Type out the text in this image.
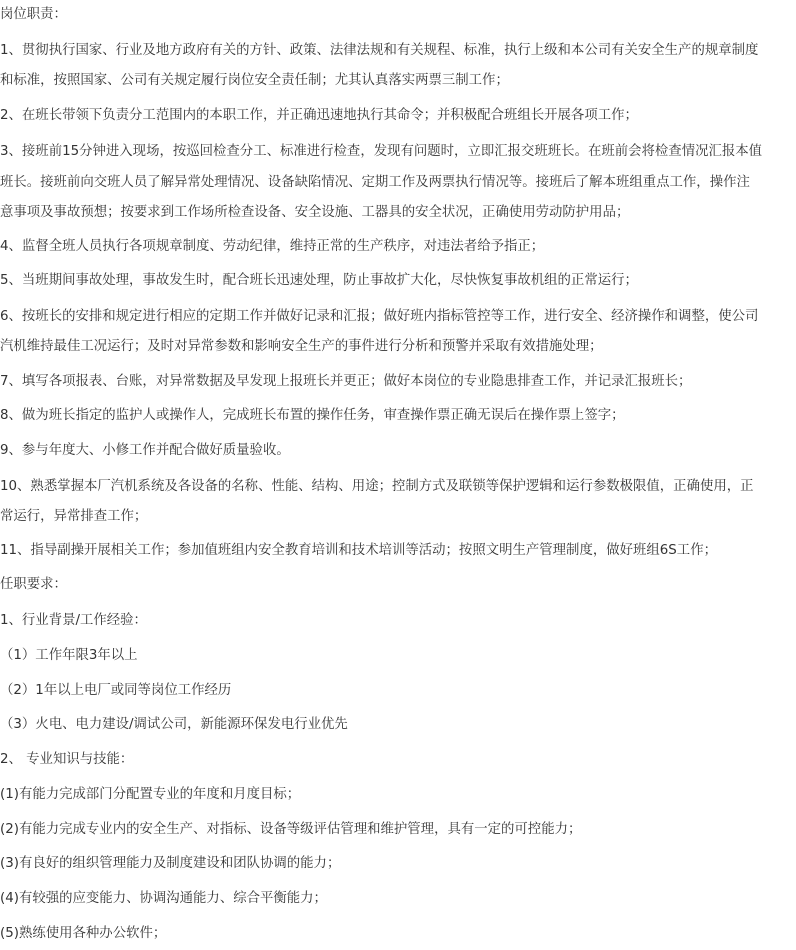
岗位职责：
1、贯彻执行国家、行业及地方政府有关的方针、政策、法律法规和有关规程、标准，执行上级和本公司有关安全生产的规章制度
和标准，按照国家、公司有关规定履行岗位安全责任制；尤其认真落实两票三制工作；
2、在班长带领下负责分工范围内的本职工作，并正确迅速地执行其命令；并积极配合班组长开展各项工作；
3、接班前15分钟进入现场，按巡回检查分工、标准进行检查，发现有问题时，立即汇报交班班长。在班前会将检查情况汇报本值
班长。接班前向交班人员了解异常处理情况、设备缺陷情况、定期工作及两票执行情况等。接班后了解本班组重点工作，操作注
意事项及事故预想；按要求到工作场所检查设备、安全设施、工器具的安全状况，正确使用劳动防护用品；
4、监督全班人员执行各项规章制度、劳动纪律，维持正常的生产秩序，对违法者给予指正；
5、当班期间事故处理，事故发生时，配合班长迅速处理，防止事故扩大化，尽快恢复事故机组的正常运行；
6、按班长的安排和规定进行相应的定期工作并做好记录和汇报；做好班内指标管控等工作，进行安全、经济操作和调整，使公司
汽机维持最佳工况运行；及时对异常参数和影响安全生产的事件进行分析和预警并采取有效措施处理；
7、填写各项报表、台账，对异常数据及早发现上报班长并更正；做好本岗位的专业隐患排查工作，并记录汇报班长；
8、做为班长指定的监护人或操作人，完成班长布置的操作任务，审查操作票正确无误后在操作票上签字；
9、参与年度大、小修工作并配合做好质量验收。
10、熟悉掌握本厂汽机系统及各设备的名称、性能、结构、用途；控制方式及联锁等保护逻辑和运行参数极限值，正确使用，正
常运行，异常排查工作；
11、指导副操开展相关工作；参加值班组内安全教育培训和技术培训等活动；按照文明生产管理制度，做好班组6S工作；
任职要求：
1、行业背景/工作经验：
（1）工作年限3年以上
（2）1年以上电厂或同等岗位工作经历
（3）火电、电力建设/调试公司，新能源环保发电行业优先
2、 专业知识与技能：
(1)有能力完成部门分配置专业的年度和月度目标；
(2)有能力完成专业内的安全生产、对指标、设备等级评估管理和维护管理，具有一定的可控能力；
(3)有良好的组织管理能力及制度建设和团队协调的能力；
(4)有较强的应变能力、协调沟通能力、综合平衡能力；
(5)熟练使用各种办公软件；
